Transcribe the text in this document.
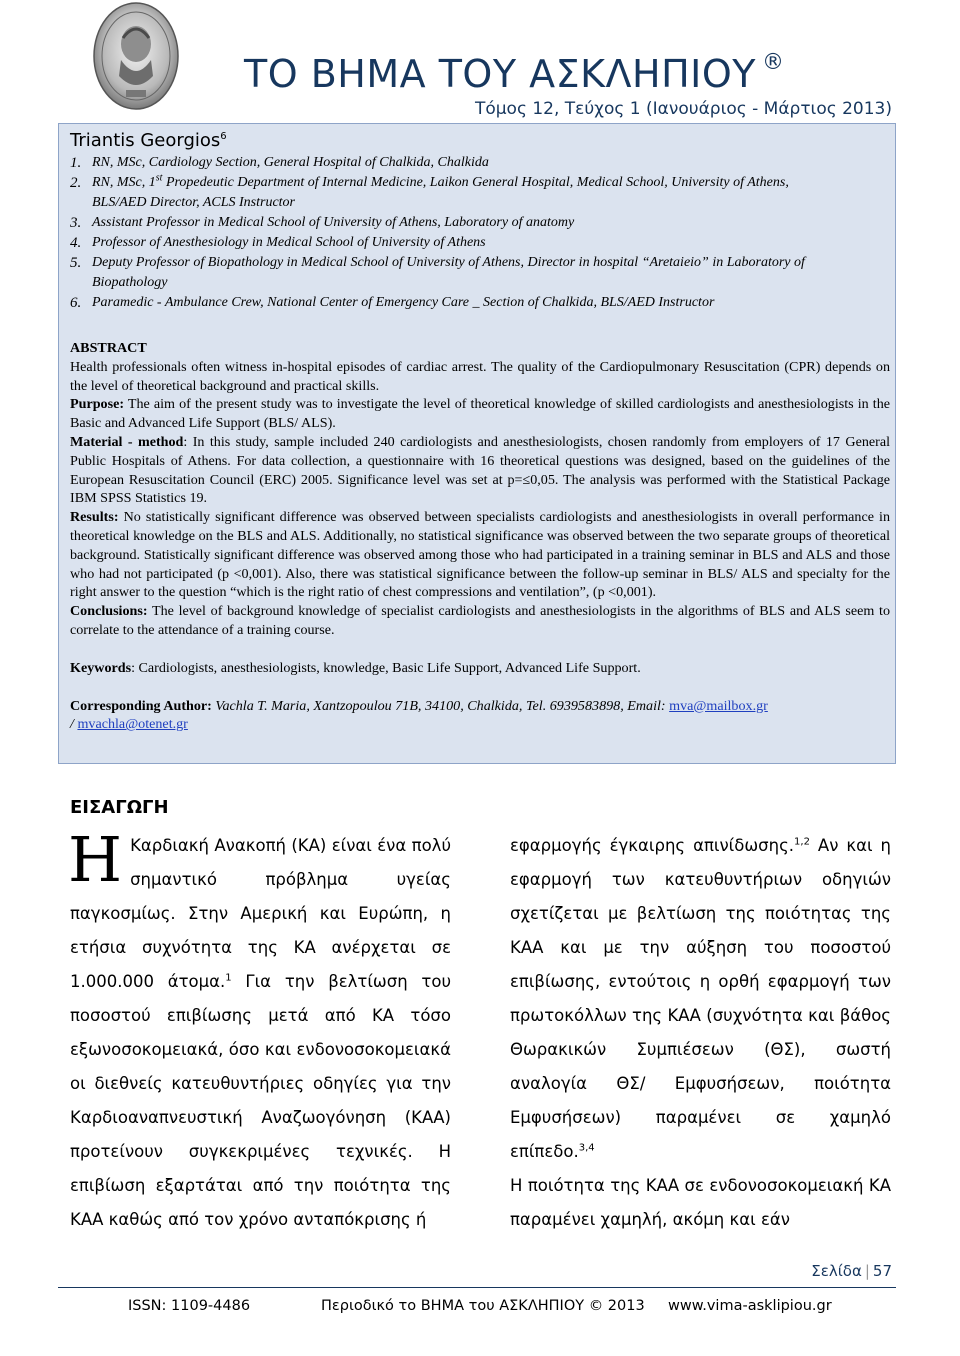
ΤΟ ΒΗΜΑ ΤΟΥ ΑΣΚΛΗΠΙΟΥ ®
Τόμος 12, Τεύχος 1 (Ιανουάριος - Μάρτιος 2013)
Triantis Georgios$^6$
1. RN, MSc, Cardiology Section, General Hospital of Chalkida, Chalkida
2. RN, MSc, 1st Propedeutic Department of Internal Medicine, Laikon General Hospital, Medical School, University of Athens, BLS/AED Director, ACLS Instructor
3. Assistant Professor in Medical School of University of Athens, Laboratory of anatomy
4. Professor of Anesthesiology in Medical School of University of Athens
5. Deputy Professor of Biopathology in Medical School of University of Athens, Director in hospital “Aretaieio” in Laboratory of Biopathology
6. Paramedic - Ambulance Crew, National Center of Emergency Care _ Section of Chalkida, BLS/AED Instructor

ABSTRACT

Health professionals often witness in-hospital episodes of cardiac arrest. The quality of the Cardiopulmonary Resuscitation (CPR) depends on the level of theoretical background and practical skills.

Purpose: The aim of the present study was to investigate the level of theoretical knowledge of skilled cardiologists and anesthesiologists in the Basic and Advanced Life Support (BLS/ ALS).

Material - method: In this study, sample included 240 cardiologists and anesthesiologists, chosen randomly from employers of 17 General Public Hospitals of Athens. For data collection, a questionnaire with 16 theoretical questions was designed, based on the guidelines of the European Resuscitation Council (ERC) 2005. Significance level was set at p=≤0,05. The analysis was performed with the Statistical Package IBM SPSS Statistics 19.

Results: No statistically significant difference was observed between specialists cardiologists and anesthesiologists in overall performance in theoretical knowledge on the BLS and ALS. Additionally, no statistical significance was observed between the two separate groups of theoretical background. Statistically significant difference was observed among those who had participated in a training seminar in BLS and ALS and those who had not participated (p <0,001). Also, there was statistical significance between the follow-up seminar in BLS/ ALS and specialty for the right answer to the question “which is the right ratio of chest compressions and ventilation”, (p <0,001).

Conclusions: The level of background knowledge of specialist cardiologists and anesthesiologists in the algorithms of BLS and ALS seem to correlate to the attendance of a training course.

Keywords: Cardiologists, anesthesiologists, knowledge, Basic Life Support, Advanced Life Support.

Corresponding Author: Vachla T. Maria, Xantzopoulou 71B, 34100, Chalkida, Tel. 6939583898, Email: mva@mailbox.gr
/ mvachla@otenet.gr

ΕΙΣΑΓΩΓΗ

Η Καρδιακή Ανακοπή (ΚΑ) είναι ένα πολύ σημαντικό πρόβλημα υγείας παγκοσμίως. Στην Αμερική και Ευρώπη, η ετήσια συχνότητα της ΚΑ ανέρχεται σε 1.000.000 άτομα.$^1$ Για την βελτίωση του ποσοστού επιβίωσης μετά από ΚΑ τόσο εξωνοσοκομειακά, όσο και ενδονοσοκομειακά οι διεθνείς κατευθυντήριες οδηγίες για την Καρδιοαναπνευστική Αναζωογόνηση (ΚΑΑ) προτείνουν συγκεκριμένες τεχνικές. Η επιβίωση εξαρτάται από την ποιότητα της ΚΑΑ καθώς από τον χρόνο ανταπόκρισης ή

εφαρμογής έγκαιρης απινίδωσης.$^{1,2}$ Αν και η εφαρμογή των κατευθυντήριων οδηγιών σχετίζεται με βελτίωση της ποιότητας της ΚΑΑ και με την αύξηση του ποσοστού επιβίωσης, εντούτοις η ορθή εφαρμογή των πρωτοκόλλων της ΚΑΑ (συχνότητα και βάθος Θωρακικών Συμπιέσεων (ΘΣ), σωστή αναλογία ΘΣ/ Εμφυσήσεων, ποιότητα Εμφυσήσεων) παραμένει σε χαμηλό επίπεδο.$^{3,4}$

Η ποιότητα της ΚΑΑ σε ενδονοσοκομειακή ΚΑ παραμένει χαμηλή, ακόμη και εάν

Σελίδα | 57
ISSN: 1109-4486	Περιοδικό το ΒΗΜΑ του ΑΣΚΛΗΠΙΟΥ © 2013 www.vima-asklipiou.gr
